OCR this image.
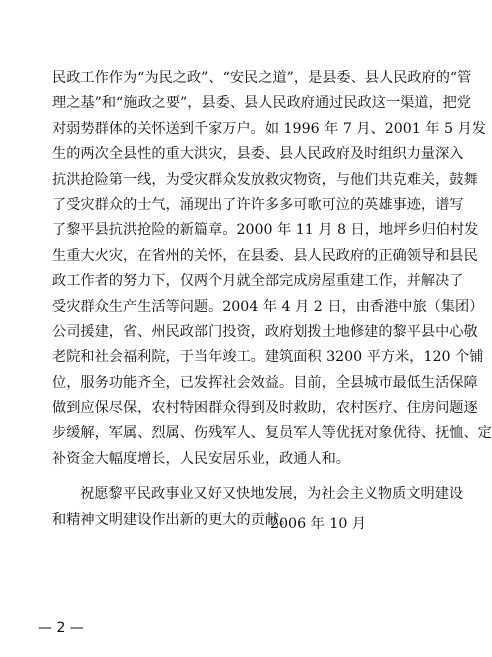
民政工作作为“为民之政”、“安民之道”，是县委、县人民政府的“管
理之基”和“施政之要”，县委、县人民政府通过民政这一渠道，把党
对弱势群体的关怀送到千家万户。如 1996 年 7 月、2001 年 5 月发
生的两次全县性的重大洪灾，县委、县人民政府及时组织力量深入
抗洪抢险第一线，为受灾群众发放救灾物资，与他们共克难关，鼓舞
了受灾群众的士气，涌现出了许许多多可歌可泣的英雄事迹，谱写
了黎平县抗洪抢险的新篇章。2000 年 11 月 8 日，地坪乡归伯村发
生重大火灾，在省州的关怀，在县委、县人民政府的正确领导和县民
政工作者的努力下，仅两个月就全部完成房屋重建工作，并解决了
受灾群众生产生活等问题。2004 年 4 月 2 日，由香港中旅（集团）
公司援建，省、州民政部门投资，政府划拨土地修建的黎平县中心敬
老院和社会福利院，于当年竣工。建筑面积 3200 平方米，120 个铺
位，服务功能齐全，已发挥社会效益。目前，全县城市最低生活保障
做到应保尽保，农村特困群众得到及时救助，农村医疗、住房问题逐
步缓解，军属、烈属、伤残军人、复员军人等优抚对象优待、抚恤、定
补资金大幅度增长，人民安居乐业，政通人和。
祝愿黎平民政事业又好又快地发展，为社会主义物质文明建设
和精神文明建设作出新的更大的贡献。
2006 年 10 月
— 2 —
